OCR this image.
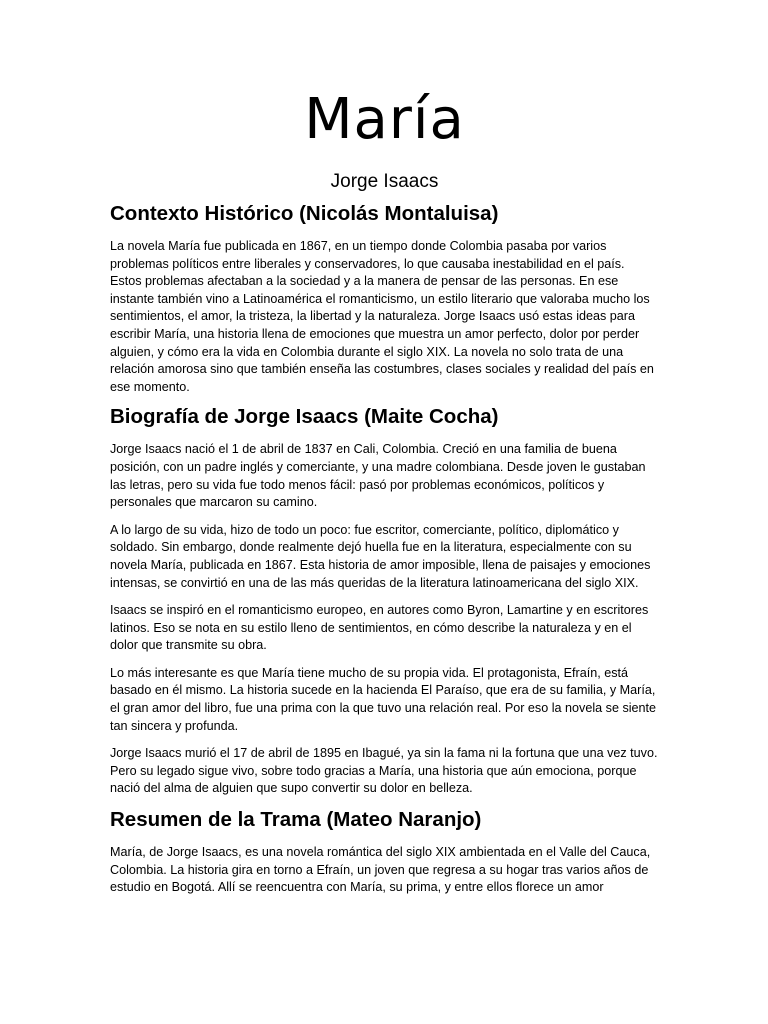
María
Jorge Isaacs
Contexto Histórico (Nicolás Montaluisa)

La novela María fue publicada en 1867, en un tiempo donde Colombia pasaba por varios problemas políticos entre liberales y conservadores, lo que causaba inestabilidad en el país. Estos problemas afectaban a la sociedad y a la manera de pensar de las personas. En ese instante también vino a Latinoamérica el romanticismo, un estilo literario que valoraba mucho los sentimientos, el amor, la tristeza, la libertad y la naturaleza. Jorge Isaacs usó estas ideas para escribir María, una historia llena de emociones que muestra un amor perfecto, dolor por perder alguien, y cómo era la vida en Colombia durante el siglo XIX. La novela no solo trata de una relación amorosa sino que también enseña las costumbres, clases sociales y realidad del país en ese momento.

Biografía de Jorge Isaacs (Maite Cocha)

Jorge Isaacs nació el 1 de abril de 1837 en Cali, Colombia. Creció en una familia de buena posición, con un padre inglés y comerciante, y una madre colombiana. Desde joven le gustaban las letras, pero su vida fue todo menos fácil: pasó por problemas económicos, políticos y personales que marcaron su camino.

A lo largo de su vida, hizo de todo un poco: fue escritor, comerciante, político, diplomático y soldado. Sin embargo, donde realmente dejó huella fue en la literatura, especialmente con su novela María, publicada en 1867. Esta historia de amor imposible, llena de paisajes y emociones intensas, se convirtió en una de las más queridas de la literatura latinoamericana del siglo XIX.

Isaacs se inspiró en el romanticismo europeo, en autores como Byron, Lamartine y en escritores latinos. Eso se nota en su estilo lleno de sentimientos, en cómo describe la naturaleza y en el dolor que transmite su obra.

Lo más interesante es que María tiene mucho de su propia vida. El protagonista, Efraín, está basado en él mismo. La historia sucede en la hacienda El Paraíso, que era de su familia, y María, el gran amor del libro, fue una prima con la que tuvo una relación real. Por eso la novela se siente tan sincera y profunda.

Jorge Isaacs murió el 17 de abril de 1895 en Ibagué, ya sin la fama ni la fortuna que una vez tuvo. Pero su legado sigue vivo, sobre todo gracias a María, una historia que aún emociona, porque nació del alma de alguien que supo convertir su dolor en belleza.

Resumen de la Trama (Mateo Naranjo)

María, de Jorge Isaacs, es una novela romántica del siglo XIX ambientada en el Valle del Cauca, Colombia. La historia gira en torno a Efraín, un joven que regresa a su hogar tras varios años de estudio en Bogotá. Allí se reencuentra con María, su prima, y entre ellos florece un amor
